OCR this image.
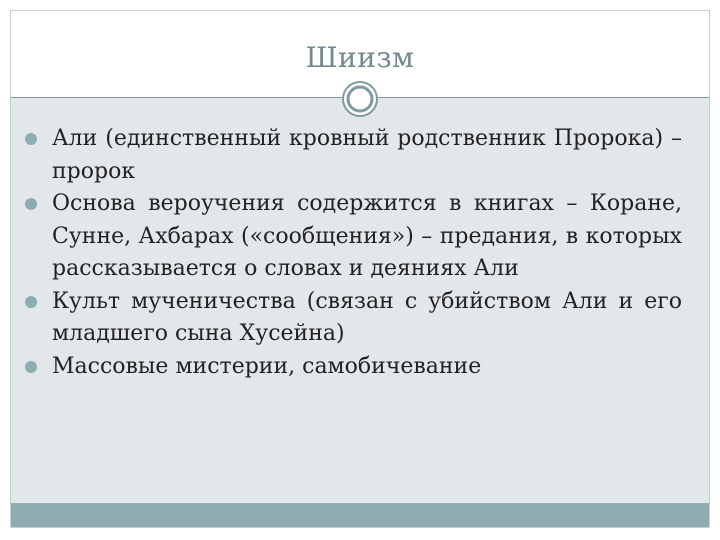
Шиизм
Али (единственный кровный родственник Пророка) – пророк
Основа вероучения содержится в книгах – Коране, Сунне, Ахбарах («сообщения») – предания, в которых рассказывается о словах и деяниях Али
Культ мученичества (связан с убийством Али и его младшего сына Хусейна)
Массовые мистерии, самобичевание
